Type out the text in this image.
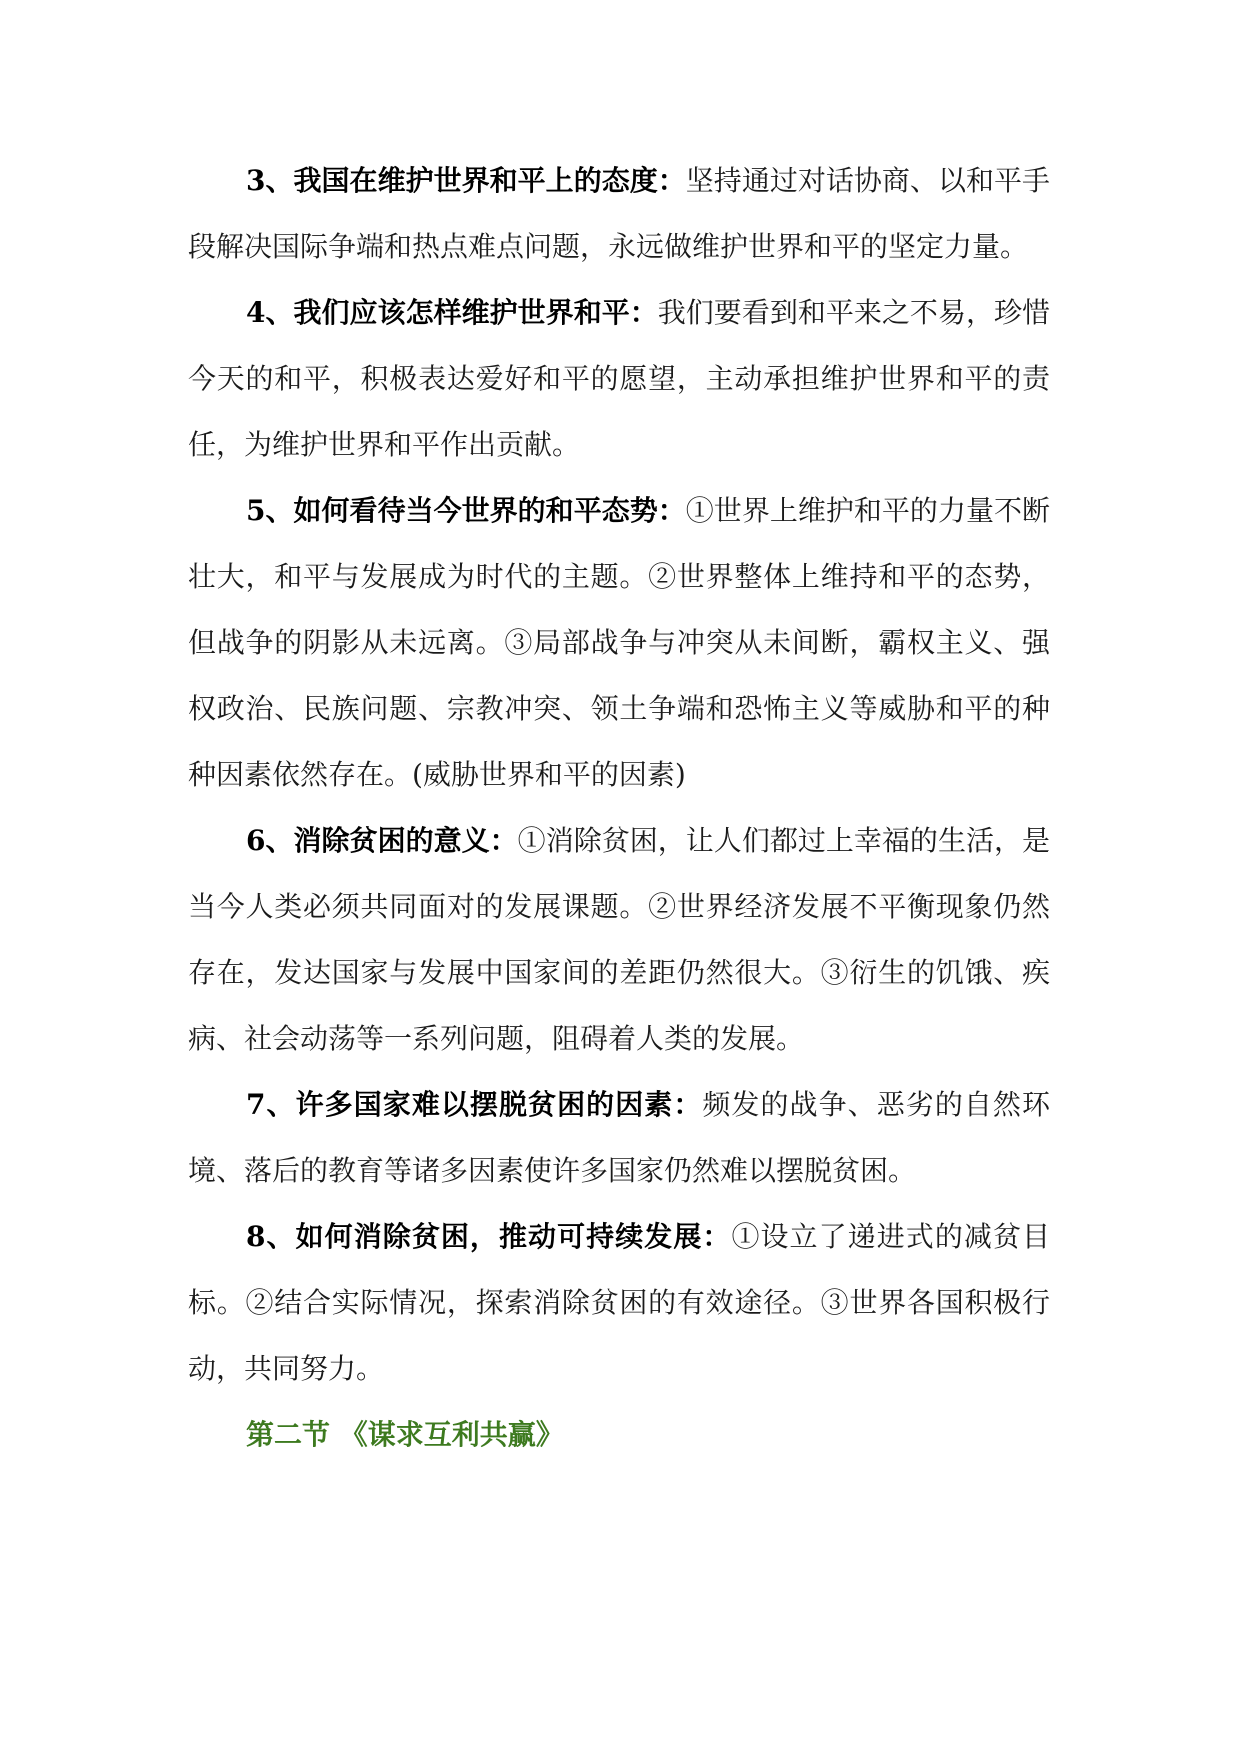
3、我国在维护世界和平上的态度：坚持通过对话协商、以和平手段解决国际争端和热点难点问题，永远做维护世界和平的坚定力量。

4、我们应该怎样维护世界和平：我们要看到和平来之不易，珍惜今天的和平，积极表达爱好和平的愿望，主动承担维护世界和平的责任，为维护世界和平作出贡献。

5、如何看待当今世界的和平态势：①世界上维护和平的力量不断壮大，和平与发展成为时代的主题。②世界整体上维持和平的态势，但战争的阴影从未远离。③局部战争与冲突从未间断，霸权主义、强权政治、民族问题、宗教冲突、领土争端和恐怖主义等威胁和平的种种因素依然存在。(威胁世界和平的因素)

6、消除贫困的意义：①消除贫困，让人们都过上幸福的生活，是当今人类必须共同面对的发展课题。②世界经济发展不平衡现象仍然存在，发达国家与发展中国家间的差距仍然很大。③衍生的饥饿、疾病、社会动荡等一系列问题，阻碍着人类的发展。

7、许多国家难以摆脱贫困的因素：频发的战争、恶劣的自然环境、落后的教育等诸多因素使许多国家仍然难以摆脱贫困。

8、如何消除贫困，推动可持续发展：①设立了递进式的减贫目标。②结合实际情况，探索消除贫困的有效途径。③世界各国积极行动，共同努力。

第二节 《谋求互利共赢》
